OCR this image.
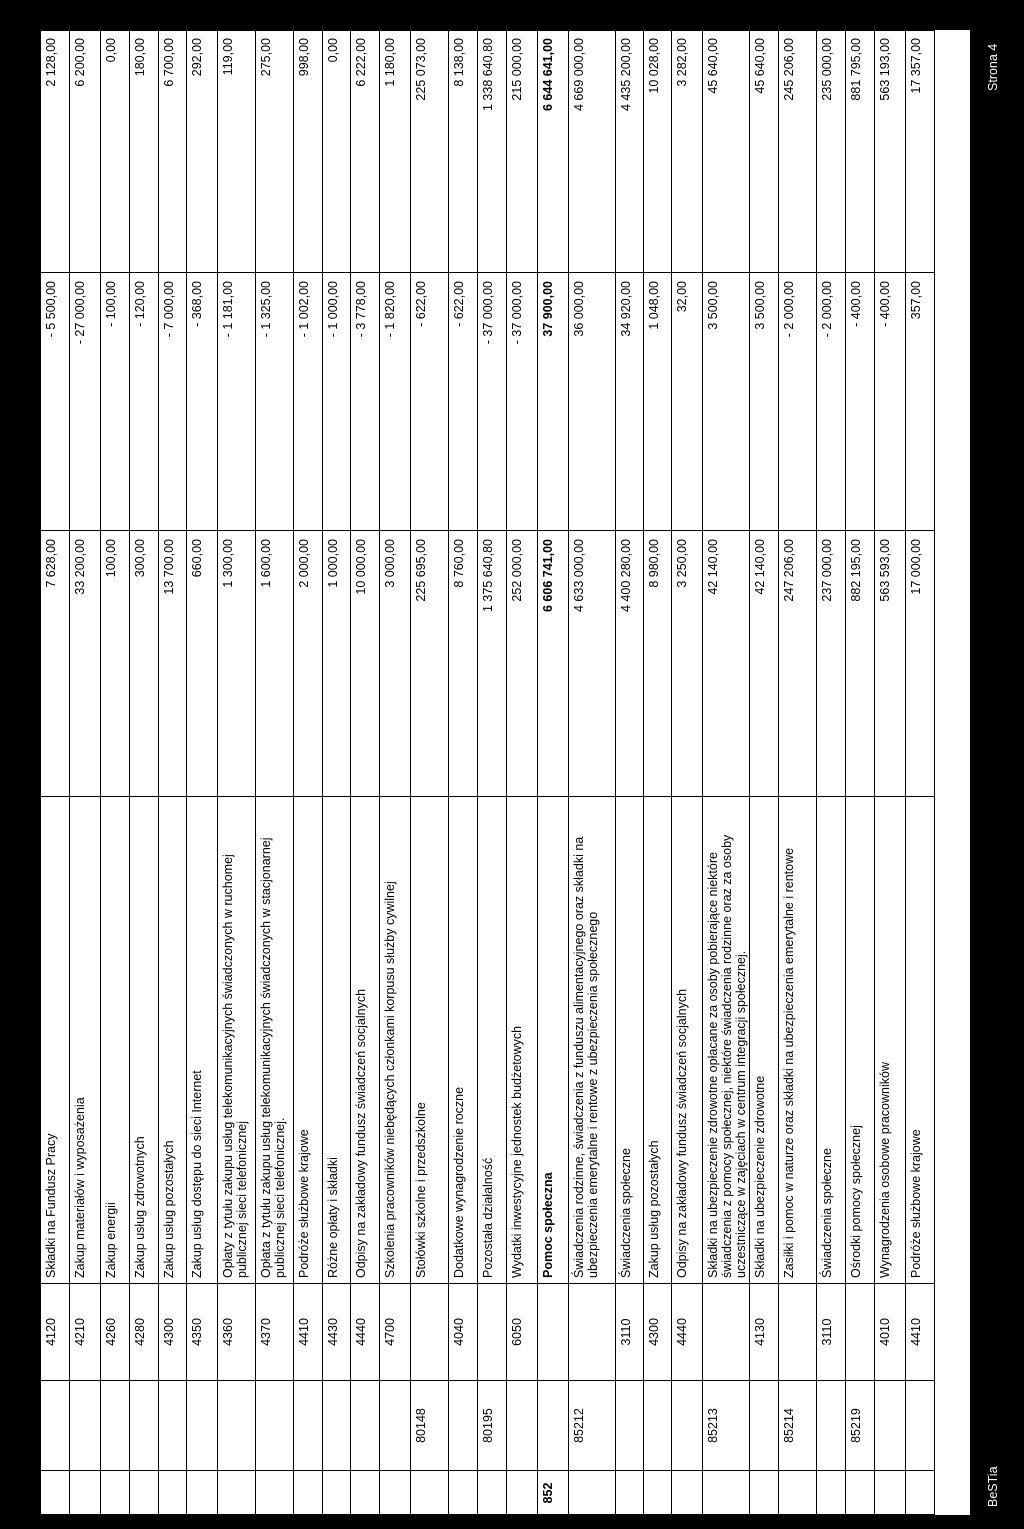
4120
Składki na Fundusz Pracy
7 628,00
- 5 500,00
2 128,00
4210
Zakup materiałów i wyposażenia
33 200,00
- 27 000,00
6 200,00
4260
Zakup energii
100,00
- 100,00
0,00
4280
Zakup usług zdrowotnych
300,00
- 120,00
180,00
4300
Zakup usług pozostałych
13 700,00
- 7 000,00
6 700,00
4350
Zakup usług dostępu do sieci Internet
660,00
- 368,00
292,00
4360
Opłaty z tytułu zakupu usług telekomunikacyjnych świadczonych w ruchomej publicznej sieci telefonicznej
1 300,00
- 1 181,00
119,00
4370
Opłata z tytułu zakupu usług telekomunikacyjnych świadczonych w stacjonarnej publicznej sieci telefonicznej.
1 600,00
- 1 325,00
275,00
4410
Podróże służbowe krajowe
2 000,00
- 1 002,00
998,00
4430
Różne opłaty i składki
1 000,00
- 1 000,00
0,00
4440
Odpisy na zakładowy fundusz świadczeń socjalnych
10 000,00
- 3 778,00
6 222,00
4700
Szkolenia pracowników niebędących członkami korpusu służby cywilnej
3 000,00
- 1 820,00
1 180,00
80148
Stołówki szkolne i przedszkolne
225 695,00
- 622,00
225 073,00
4040
Dodatkowe wynagrodzenie roczne
8 760,00
- 622,00
8 138,00
80195
Pozostała działalność
1 375 640,80
- 37 000,00
1 338 640,80
6050
Wydatki inwestycyjne jednostek budżetowych
252 000,00
- 37 000,00
215 000,00
852
Pomoc społeczna
6 606 741,00
37 900,00
6 644 641,00
85212
Świadczenia rodzinne, świadczenia z funduszu alimentacyjnego oraz składki na ubezpieczenia emerytalne i rentowe z ubezpieczenia społecznego
4 633 000,00
36 000,00
4 669 000,00
3110
Świadczenia społeczne
4 400 280,00
34 920,00
4 435 200,00
4300
Zakup usług pozostałych
8 980,00
1 048,00
10 028,00
4440
Odpisy na zakładowy fundusz świadczeń socjalnych
3 250,00
32,00
3 282,00
85213
Składki na ubezpieczenie zdrowotne opłacane za osoby pobierające niektóre świadczenia z pomocy społecznej, niektóre świadczenia rodzinne oraz za osoby uczestniczące w zajęciach w centrum integracji społecznej.
42 140,00
3 500,00
45 640,00
4130
Składki na ubezpieczenie zdrowotne
42 140,00
3 500,00
45 640,00
85214
Zasiłki i pomoc w naturze oraz składki na ubezpieczenia emerytalne i rentowe
247 206,00
- 2 000,00
245 206,00
3110
Świadczenia społeczne
237 000,00
- 2 000,00
235 000,00
85219
Ośrodki pomocy społecznej
882 195,00
- 400,00
881 795,00
4010
Wynagrodzenia osobowe pracowników
563 593,00
- 400,00
563 193,00
4410
Podróże służbowe krajowe
17 000,00
357,00
17 357,00
BeSTia
Strona 4
